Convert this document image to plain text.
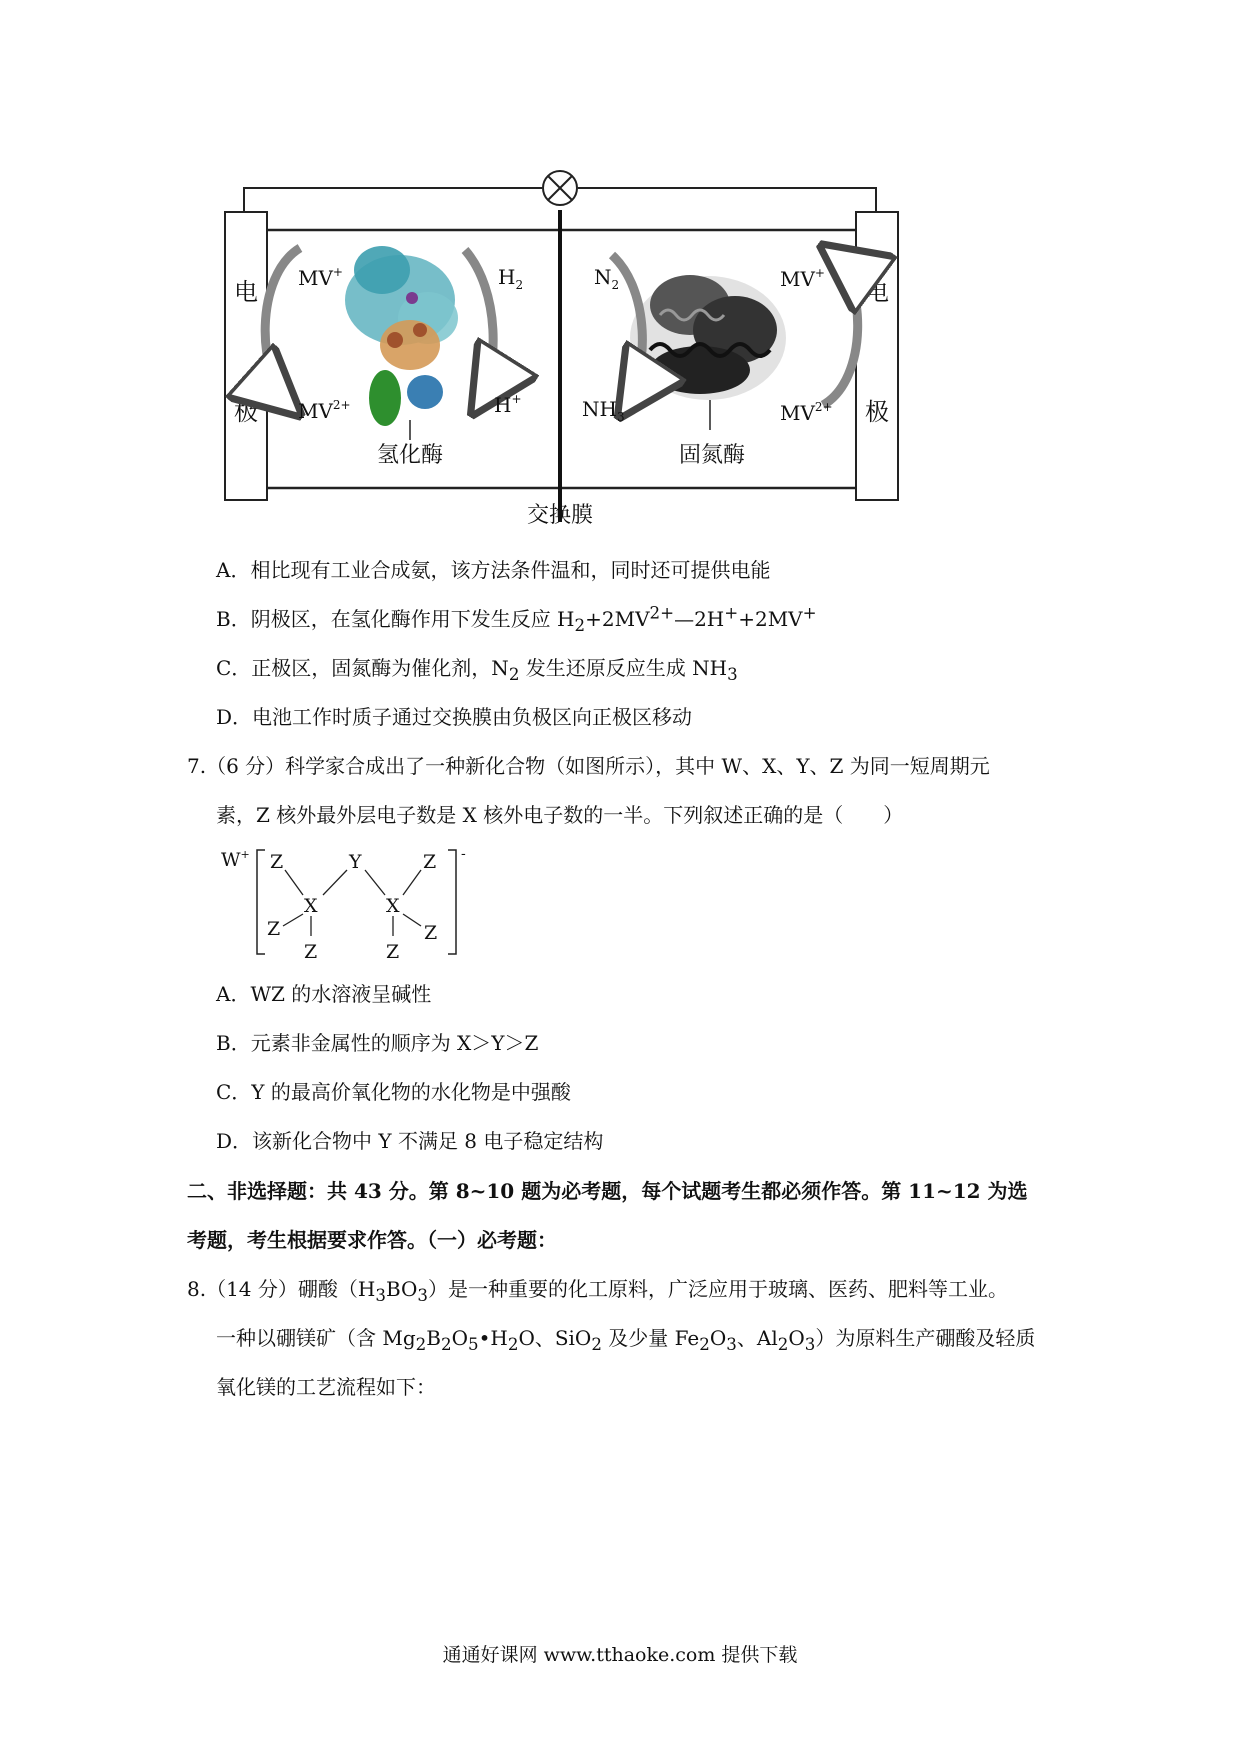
电
极
电
极
交换膜
氢化酶
MV+
$MV^{2+}$
$H_2$
H+
固氮酶
$N_2$
$NH_3$
MV+
$MV^{2+}$
A．相比现有工业合成氨，该方法条件温和，同时还可提供电能
B．阴极区，在氢化酶作用下发生反应 $H_2+2MV^{2+}—2H^++2MV^+$
C．正极区，固氮酶为催化剂，$N_2$ 发生还原反应生成 $NH_3$
D．电池工作时质子通过交换膜由负极区向正极区移动
7.（6 分）科学家合成出了一种新化合物（如图所示），其中 W、X、Y、Z 为同一短周期元
素，Z 核外最外层电子数是 X 核外电子数的一半。下列叙述正确的是（　　）
W+	-
Z	Y	Z
X	X
Z
Z	Z
Z
A．WZ 的水溶液呈碱性
B．元素非金属性的顺序为 X＞Y＞Z
C．Y 的最高价氧化物的水化物是中强酸
D．该新化合物中 Y 不满足 8 电子稳定结构
二、非选择题：共 43 分。第 8~10 题为必考题，每个试题考生都必须作答。第 11~12 为选
考题，考生根据要求作答。（一）必考题：
8.（14 分）硼酸$(H_3BO_3)$是一种重要的化工原料，广泛应用于玻璃、医药、肥料等工业。
一种以硼镁矿（含 $Mg_2B_2O_5•H_2O$、SiO$_2$ 及少量 $Fe_2O_3$、$Al_2O_3$）为原料生产硼酸及轻质
氧化镁的工艺流程如下：
通通好课网 www.tthaoke.com 提供下载
